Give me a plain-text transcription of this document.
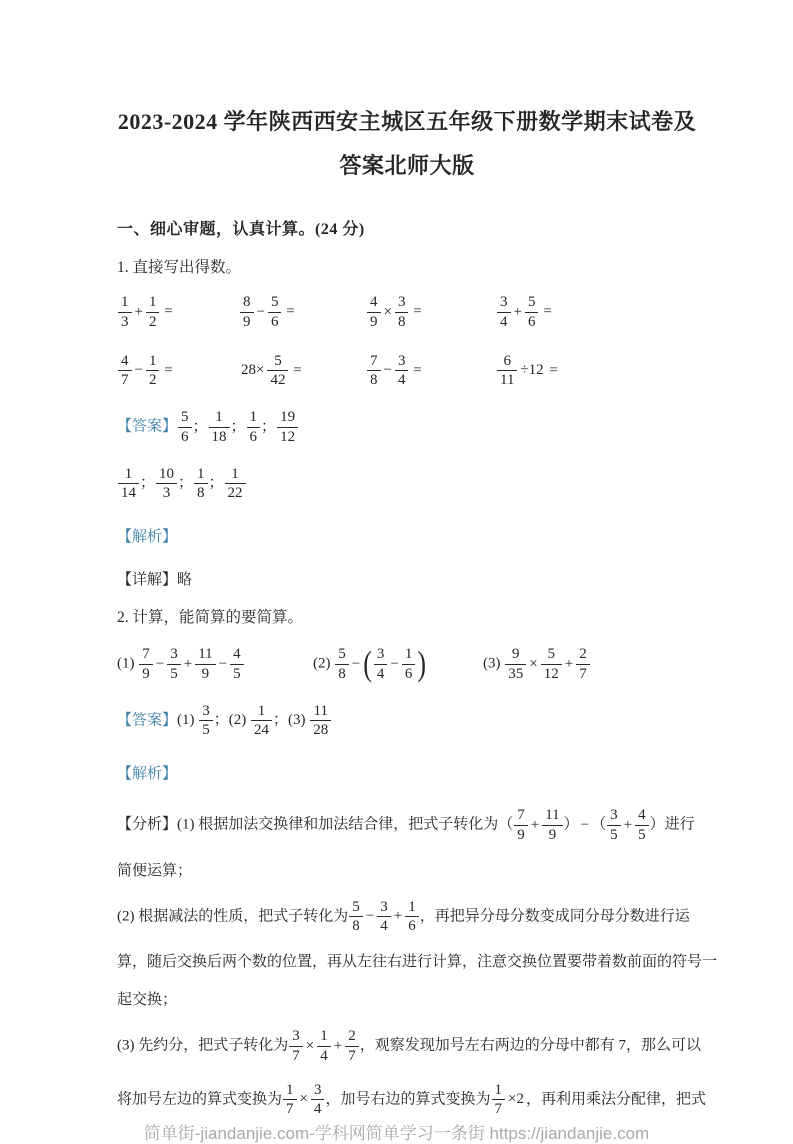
2023-2024 学年陕西西安主城区五年级下册数学期末试卷及
答案北师大版
一、细心审题，认真计算。(24 分)

1. 直接写出得数。

$\frac{1}{3} + \frac{1}{2}$ =	$\frac{8}{9} - \frac{5}{6}$ =	$\frac{4}{9} \times \frac{3}{8}$ =	$\frac{3}{4} + \frac{5}{6}$ =
$\frac{4}{7} - \frac{1}{2}$ =	$28\times \frac{5}{42}$ =	$\frac{7}{8} - \frac{3}{4}$ =	$\frac{6}{11} \div 12$ =

【答案】 $\frac{5}{6}$ ； $\frac{1}{18}$ ； $\frac{1}{6}$ ； $\frac{19}{12}$

$\frac{1}{14}$ ； $\frac{10}{3}$ ； $\frac{1}{8}$ ； $\frac{1}{22}$

【解析】

【详解】略

2. 计算，能简算的要简算。

$(1) \frac{7}{9} - \frac{3}{5} + \frac{11}{9} - \frac{4}{5}$	$(2) \frac{5}{8}$ − ( $\frac{3}{4} - \frac{1}{6}$ )	$(3) \frac{9}{35} \times \frac{5}{12} + \frac{2}{7}$

【答案】$(1) \frac{3}{5}$ ；$(2) \frac{1}{24}$ ；$(3) \frac{11}{28}$

【解析】

【分析】(1) 根据加法交换律和加法结合律，把式子转化为（ $\frac{7}{9} + \frac{11}{9}$ ） − （ $\frac{3}{5} + \frac{4}{5}$ ）进行
简便运算；
(2) 根据减法的性质，把式子转化为 $\frac{5}{8} - \frac{3}{4} + \frac{1}{6}$ ，再把异分母分数变成同分母分数进行运
算，随后交换后两个数的位置，再从左往右进行计算，注意交换位置要带着数前面的符号一
起交换；
(3) 先约分，把式子转化为 $\frac{3}{7} \times \frac{1}{4} + \frac{2}{7}$ ，观察发现加号左右两边的分母中都有 7，那么可以
将加号左边的算式变换为 $\frac{1}{7} \times \frac{3}{4}$ ，加号右边的算式变换为 $\frac{1}{7} \times 2$ ，再利用乘法分配律，把式
简单街-jiandanjie.com-学科网简单学习一条街 https://jiandanjie.com
